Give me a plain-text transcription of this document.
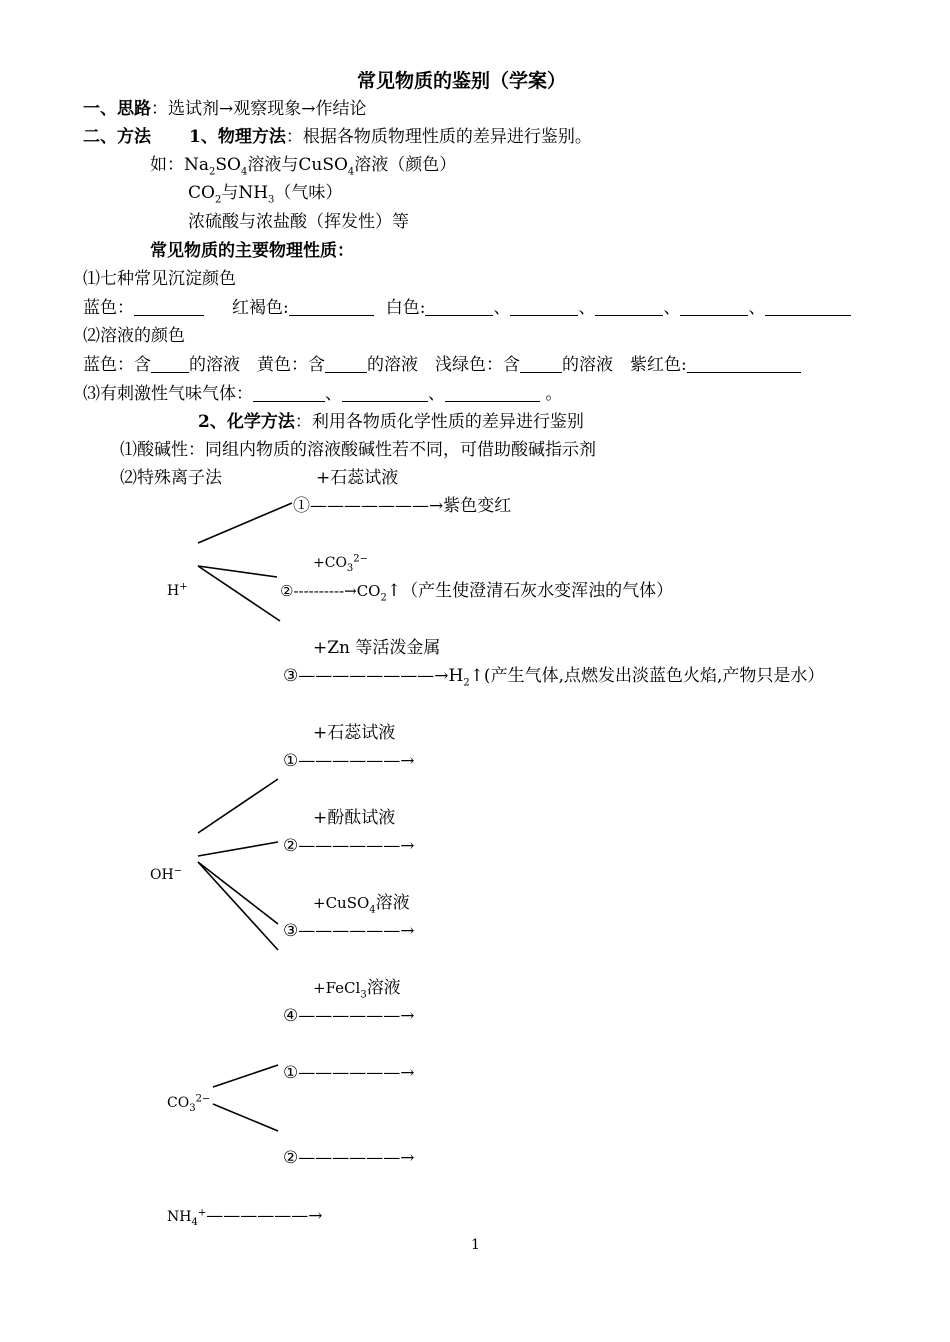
常见物质的鉴别（学案）
一、思路：选试剂→观察现象→作结论
二、方法 1、物理方法：根据各物质物理性质的差异进行鉴别。
如：$Na_2SO_4$溶液与CuSO$_4$溶液（颜色）
$CO_2$与$NH_3$（气味）
浓硫酸与浓盐酸（挥发性）等
常见物质的主要物理性质：
⑴七种常见沉淀颜色
蓝色：	红褐色:	白色:	、	、	、	、
⑵溶液的颜色
蓝色：含 的溶液　黄色：含 的溶液　浅绿色：含 的溶液　紫红色:
⑶有刺激性气味气体：	、	、	。
2、化学方法：利用各物质化学性质的差异进行鉴别
⑴酸碱性：同组内物质的溶液酸碱性若不同，可借助酸碱指示剂
⑵特殊离子法	+石蕊试液
①———————→紫色变红
$+CO_3^{2-}$
H+	$②----------\to CO_2↑$（产生使澄清石灰水变浑浊的气体）
+Zn 等活泼金属
$③————————\to H_2↑$(产生气体,点燃发出淡蓝色火焰,产物只是水）
+石蕊试液
①——————→
+酚酞试液
②——————→
OH−
+CuSO$_4$溶液
③——————→
+FeCl$_3$溶液
④——————→
①——————→
$CO_3^{2-}$
②——————→
$NH_4^+——————\to$
1
